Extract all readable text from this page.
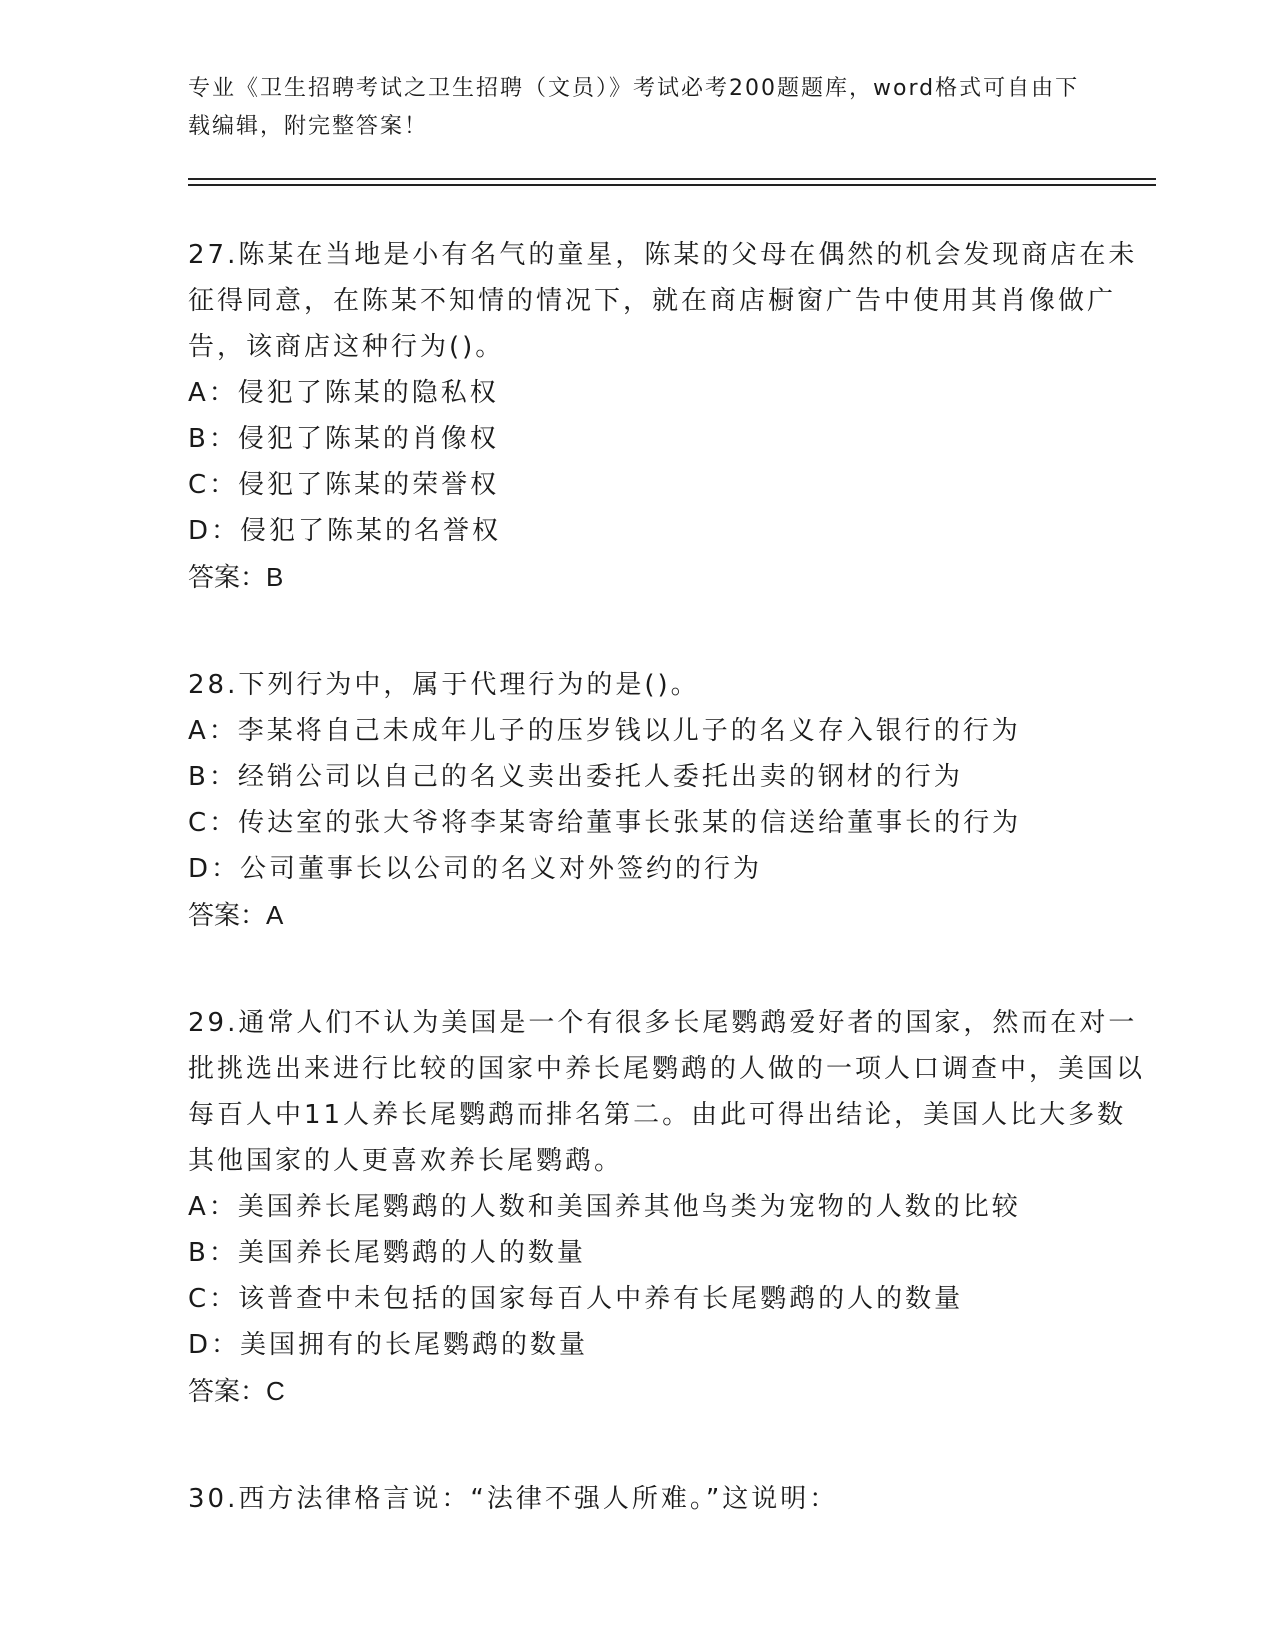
专业《卫生招聘考试之卫生招聘（文员）》考试必考200题题库，word格式可自由下载编辑，附完整答案！

27.陈某在当地是小有名气的童星，陈某的父母在偶然的机会发现商店在未征得同意，在陈某不知情的情况下，就在商店橱窗广告中使用其肖像做广告，该商店这种行为()。

A：侵犯了陈某的隐私权

B：侵犯了陈某的肖像权

C：侵犯了陈某的荣誉权

D：侵犯了陈某的名誉权

答案：B

28.下列行为中，属于代理行为的是()。

A：李某将自己未成年儿子的压岁钱以儿子的名义存入银行的行为

B：经销公司以自己的名义卖出委托人委托出卖的钢材的行为

C：传达室的张大爷将李某寄给董事长张某的信送给董事长的行为

D：公司董事长以公司的名义对外签约的行为

答案：A

29.通常人们不认为美国是一个有很多长尾鹦鹉爱好者的国家，然而在对一批挑选出来进行比较的国家中养长尾鹦鹉的人做的一项人口调查中，美国以每百人中11人养长尾鹦鹉而排名第二。由此可得出结论，美国人比大多数其他国家的人更喜欢养长尾鹦鹉。

A：美国养长尾鹦鹉的人数和美国养其他鸟类为宠物的人数的比较

B：美国养长尾鹦鹉的人的数量

C：该普查中未包括的国家每百人中养有长尾鹦鹉的人的数量

D：美国拥有的长尾鹦鹉的数量

答案：C

30.西方法律格言说：“法律不强人所难。”这说明：
